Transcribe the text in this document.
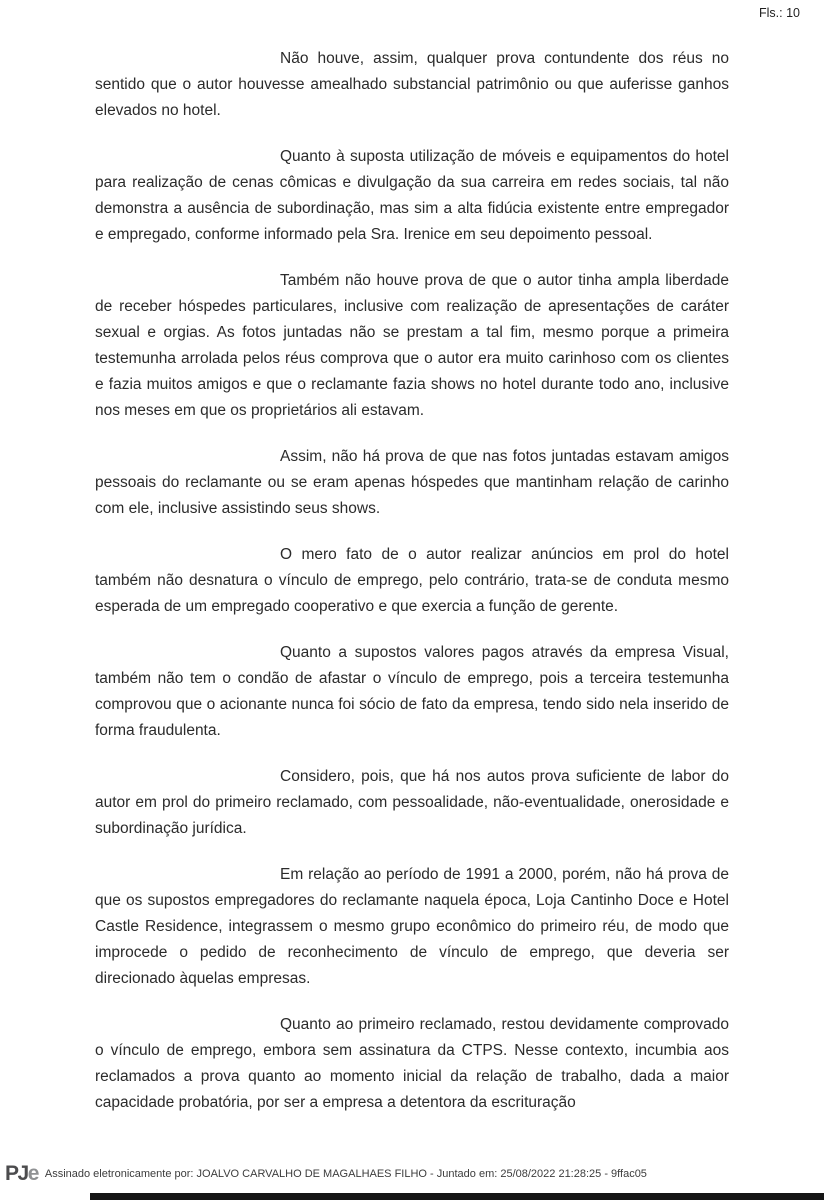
Fls.: 10

Não houve, assim, qualquer prova contundente dos réus no sentido que o autor houvesse amealhado substancial patrimônio ou que auferisse ganhos elevados no hotel.

Quanto à suposta utilização de móveis e equipamentos do hotel para realização de cenas cômicas e divulgação da sua carreira em redes sociais, tal não demonstra a ausência de subordinação, mas sim a alta fidúcia existente entre empregador e empregado, conforme informado pela Sra. Irenice em seu depoimento pessoal.

Também não houve prova de que o autor tinha ampla liberdade de receber hóspedes particulares, inclusive com realização de apresentações de caráter sexual e orgias. As fotos juntadas não se prestam a tal fim, mesmo porque a primeira testemunha arrolada pelos réus comprova que o autor era muito carinhoso com os clientes e fazia muitos amigos e que o reclamante fazia shows no hotel durante todo ano, inclusive nos meses em que os proprietários ali estavam.

Assim, não há prova de que nas fotos juntadas estavam amigos pessoais do reclamante ou se eram apenas hóspedes que mantinham relação de carinho com ele, inclusive assistindo seus shows.

O mero fato de o autor realizar anúncios em prol do hotel também não desnatura o vínculo de emprego, pelo contrário, trata-se de conduta mesmo esperada de um empregado cooperativo e que exercia a função de gerente.

Quanto a supostos valores pagos através da empresa Visual, também não tem o condão de afastar o vínculo de emprego, pois a terceira testemunha comprovou que o acionante nunca foi sócio de fato da empresa, tendo sido nela inserido de forma fraudulenta.

Considero, pois, que há nos autos prova suficiente de labor do autor em prol do primeiro reclamado, com pessoalidade, não-eventualidade, onerosidade e subordinação jurídica.

Em relação ao período de 1991 a 2000, porém, não há prova de que os supostos empregadores do reclamante naquela época, Loja Cantinho Doce e Hotel Castle Residence, integrassem o mesmo grupo econômico do primeiro réu, de modo que improcede o pedido de reconhecimento de vínculo de emprego, que deveria ser direcionado àquelas empresas.

Quanto ao primeiro reclamado, restou devidamente comprovado o vínculo de emprego, embora sem assinatura da CTPS. Nesse contexto, incumbia aos reclamados a prova quanto ao momento inicial da relação de trabalho, dada a maior capacidade probatória, por ser a empresa a detentora da escrituração

PJe Assinado eletronicamente por: JOALVO CARVALHO DE MAGALHAES FILHO - Juntado em: 25/08/2022 21:28:25 - 9ffac05
